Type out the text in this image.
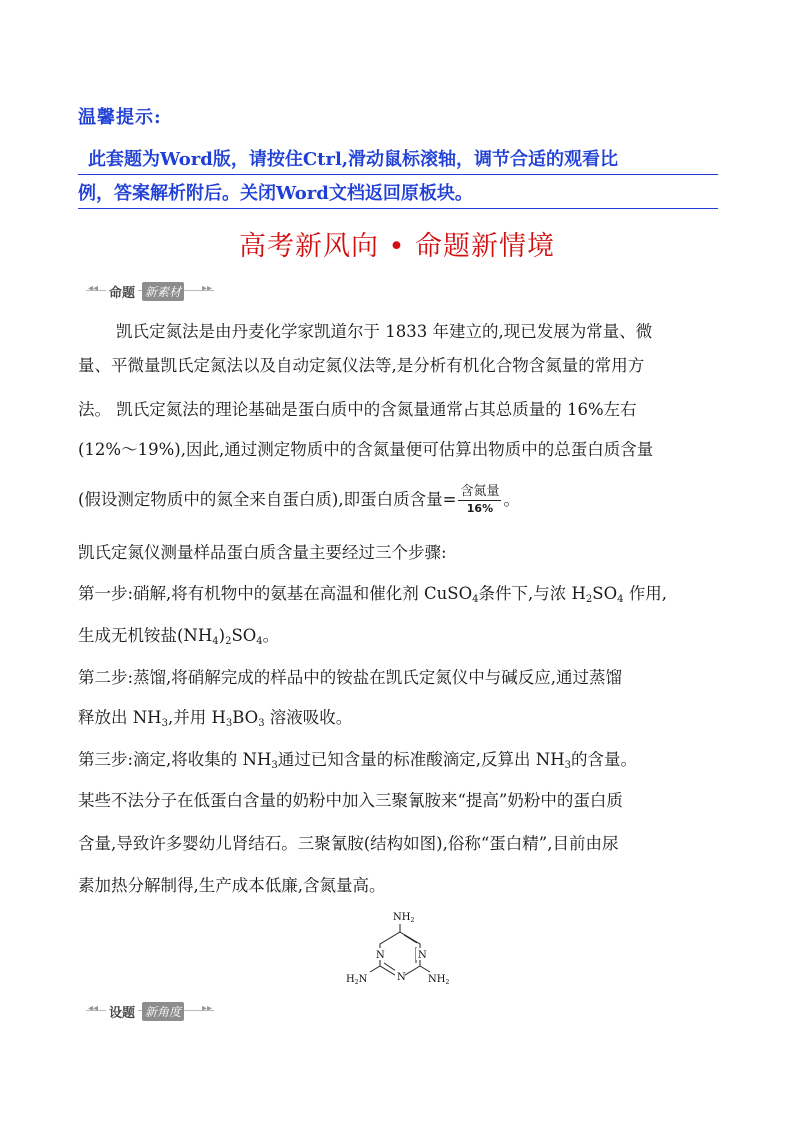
温馨提示:
此套题为Word版，请按住Ctrl,滑动鼠标滚轴，调节合适的观看比
例，答案解析附后。关闭Word文档返回原板块。
高考新风向 • 命题新情境
◂◂ 命题 新素材	▸▸
凯氏定氮法是由丹麦化学家凯道尔于 1833 年建立的,现已发展为常量、微
量、平微量凯氏定氮法以及自动定氮仪法等,是分析有机化合物含氮量的常用方
法。 凯氏定氮法的理论基础是蛋白质中的含氮量通常占其总质量的 16%左右
(12%～19%),因此,通过测定物质中的含氮量便可估算出物质中的总蛋白质含量
(假设测定物质中的氮全来自蛋白质),即蛋白质含量= $\frac{\text{含氮量}}{16\%}$ 。
凯氏定氮仪测量样品蛋白质含量主要经过三个步骤:
第一步:硝解,将有机物中的氨基在高温和催化剂 CuSO$_4$条件下,与浓 $H_2SO_4$ 作用,
生成无机铵盐$(NH_4)_2SO_4$。
第二步:蒸馏,将硝解完成的样品中的铵盐在凯氏定氮仪中与碱反应,通过蒸馏
释放出 $NH_3$,并用 $H_3BO_3$ 溶液吸收。
第三步:滴定,将收集的 $NH_3$通过已知含量的标准酸滴定,反算出 $NH_3$的含量。
某些不法分子在低蛋白含量的奶粉中加入三聚氰胺来“提高”奶粉中的蛋白质
含量,导致许多婴幼儿肾结石。三聚氰胺(结构如图),俗称“蛋白精”,目前由尿
素加热分解制得,生产成本低廉,含氮量高。
N	N
N
$NH_2$
$H_2N$	$NH_2$
◂◂ 设题 新角度	▸▸
